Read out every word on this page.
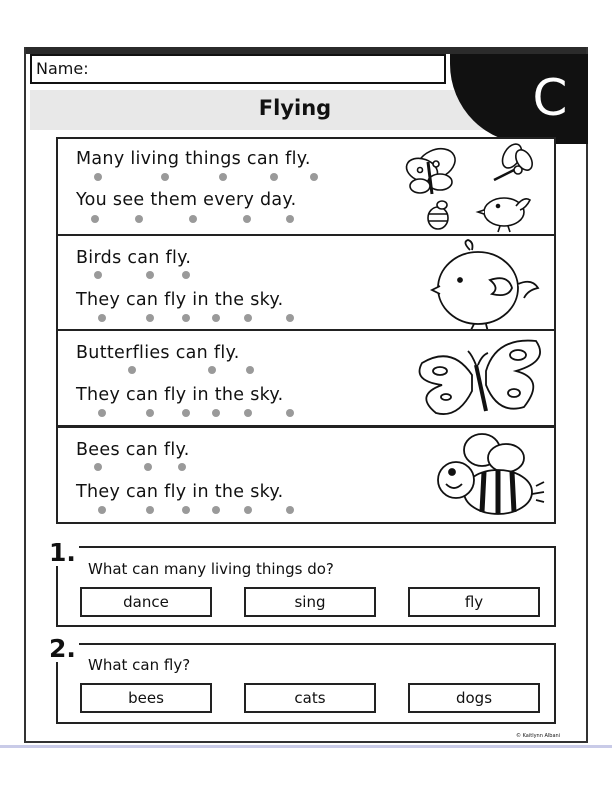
Name:
Flying	C
Many living things can fly.
You see them every day.
Birds can fly.
They can fly in the sky.
Butterflies can fly.
They can fly in the sky.
Bees can fly.
They can fly in the sky.
What can many living things do?
dance	sing	fly
1.
What can fly?
bees	cats	dogs
2.
© Kaitlynn Albani
